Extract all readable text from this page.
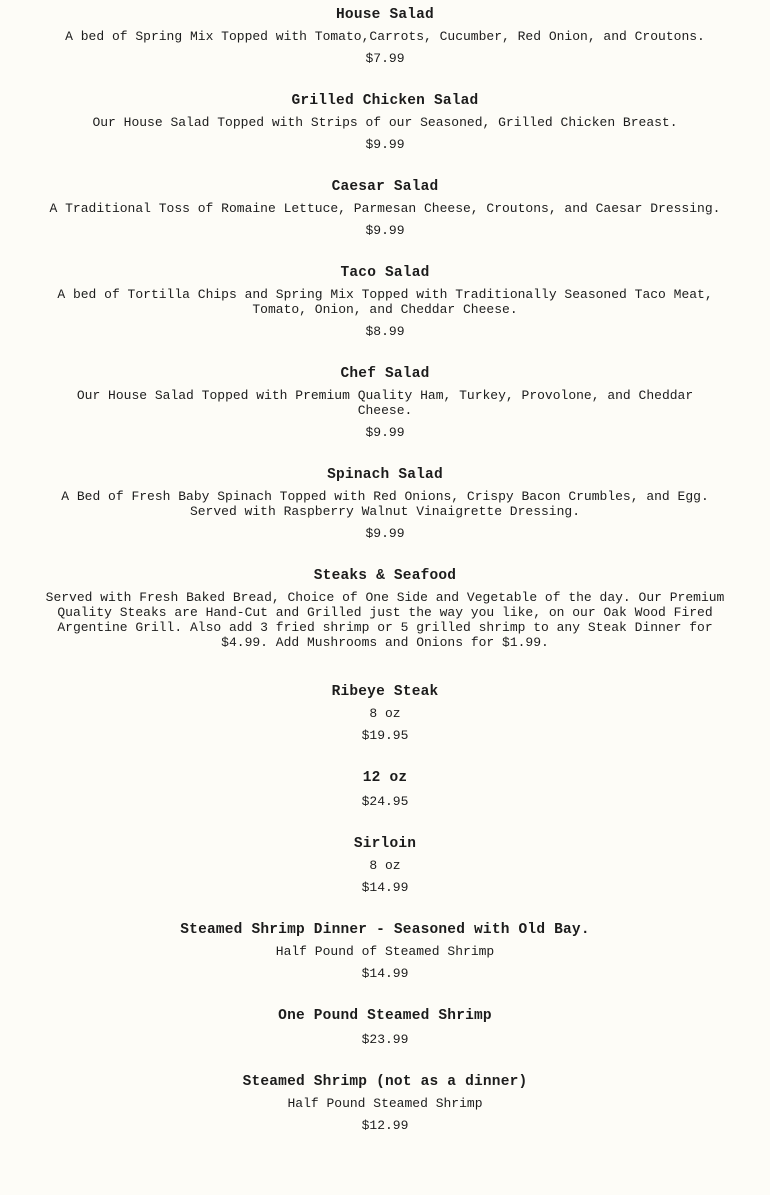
House Salad
A bed of Spring Mix Topped with Tomato,Carrots, Cucumber, Red Onion, and Croutons.
$7.99
Grilled Chicken Salad
Our House Salad Topped with Strips of our Seasoned, Grilled Chicken Breast.
$9.99
Caesar Salad
A Traditional Toss of Romaine Lettuce, Parmesan Cheese, Croutons, and Caesar Dressing.
$9.99
Taco Salad
A bed of Tortilla Chips and Spring Mix Topped with Traditionally Seasoned Taco Meat, Tomato, Onion, and Cheddar Cheese.
$8.99
Chef Salad
Our House Salad Topped with Premium Quality Ham, Turkey, Provolone, and Cheddar Cheese.
$9.99
Spinach Salad
A Bed of Fresh Baby Spinach Topped with Red Onions, Crispy Bacon Crumbles, and Egg. Served with Raspberry Walnut Vinaigrette Dressing.
$9.99
Steaks & Seafood
Served with Fresh Baked Bread, Choice of One Side and Vegetable of the day. Our Premium Quality Steaks are Hand-Cut and Grilled just the way you like, on our Oak Wood Fired Argentine Grill. Also add 3 fried shrimp or 5 grilled shrimp to any Steak Dinner for $4.99. Add Mushrooms and Onions for $1.99.
Ribeye Steak
8 oz
$19.95
12 oz
$24.95
Sirloin
8 oz
$14.99
Steamed Shrimp Dinner - Seasoned with Old Bay.
Half Pound of Steamed Shrimp
$14.99
One Pound Steamed Shrimp
$23.99
Steamed Shrimp (not as a dinner)
Half Pound Steamed Shrimp
$12.99
